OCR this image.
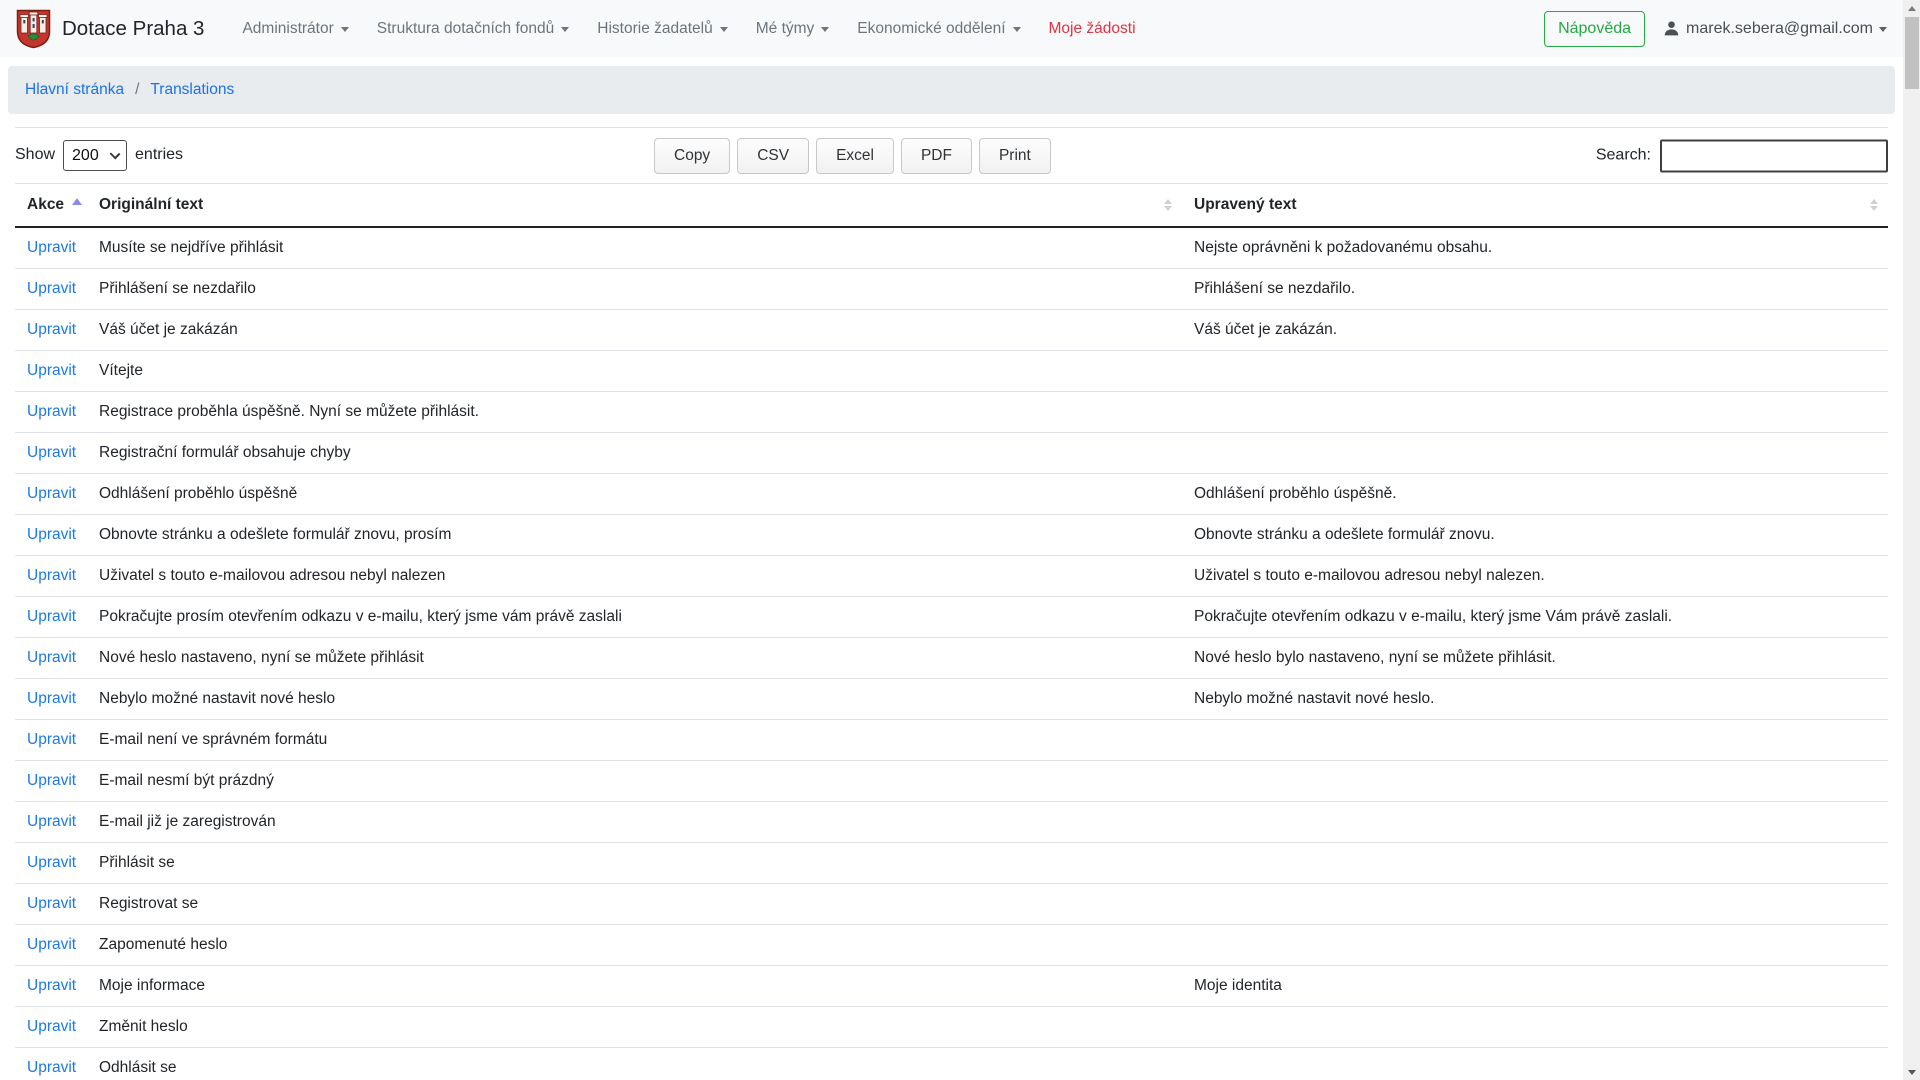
Dotace Praha 3 Administrátor	Struktura dotačních fondů	Historie žadatelů	Mé týmy	Ekonomické oddělení	Moje žádosti	Nápověda	marek.sebera@gmail.com
Hlavní stránka / Translations
Show
200	entries	Copy	CSV	Excel	PDF	Print	Search:
Akce	Originální text	Upravený text

Upravit	Musíte se nejdříve přihlásit	Nejste oprávněni k požadovanému obsahu.
Upravit	Přihlášení se nezdařilo	Přihlášení se nezdařilo.
Upravit	Váš účet je zakázán	Váš účet je zakázán.
Upravit	Vítejte	
Upravit	Registrace proběhla úspěšně. Nyní se můžete přihlásit.	
Upravit	Registrační formulář obsahuje chyby	
Upravit	Odhlášení proběhlo úspěšně	Odhlášení proběhlo úspěšně.
Upravit	Obnovte stránku a odešlete formulář znovu, prosím	Obnovte stránku a odešlete formulář znovu.
Upravit	Uživatel s touto e-mailovou adresou nebyl nalezen	Uživatel s touto e-mailovou adresou nebyl nalezen.
Upravit	Pokračujte prosím otevřením odkazu v e-mailu, který jsme vám právě zaslali	Pokračujte otevřením odkazu v e-mailu, který jsme Vám právě zaslali.
Upravit	Nové heslo nastaveno, nyní se můžete přihlásit	Nové heslo bylo nastaveno, nyní se můžete přihlásit.
Upravit	Nebylo možné nastavit nové heslo	Nebylo možné nastavit nové heslo.
Upravit	E-mail není ve správném formátu	
Upravit	E-mail nesmí být prázdný	
Upravit	E-mail již je zaregistrován	
Upravit	Přihlásit se	
Upravit	Registrovat se	
Upravit	Zapomenuté heslo	
Upravit	Moje informace	Moje identita
Upravit	Změnit heslo	
Upravit	Odhlásit se	
